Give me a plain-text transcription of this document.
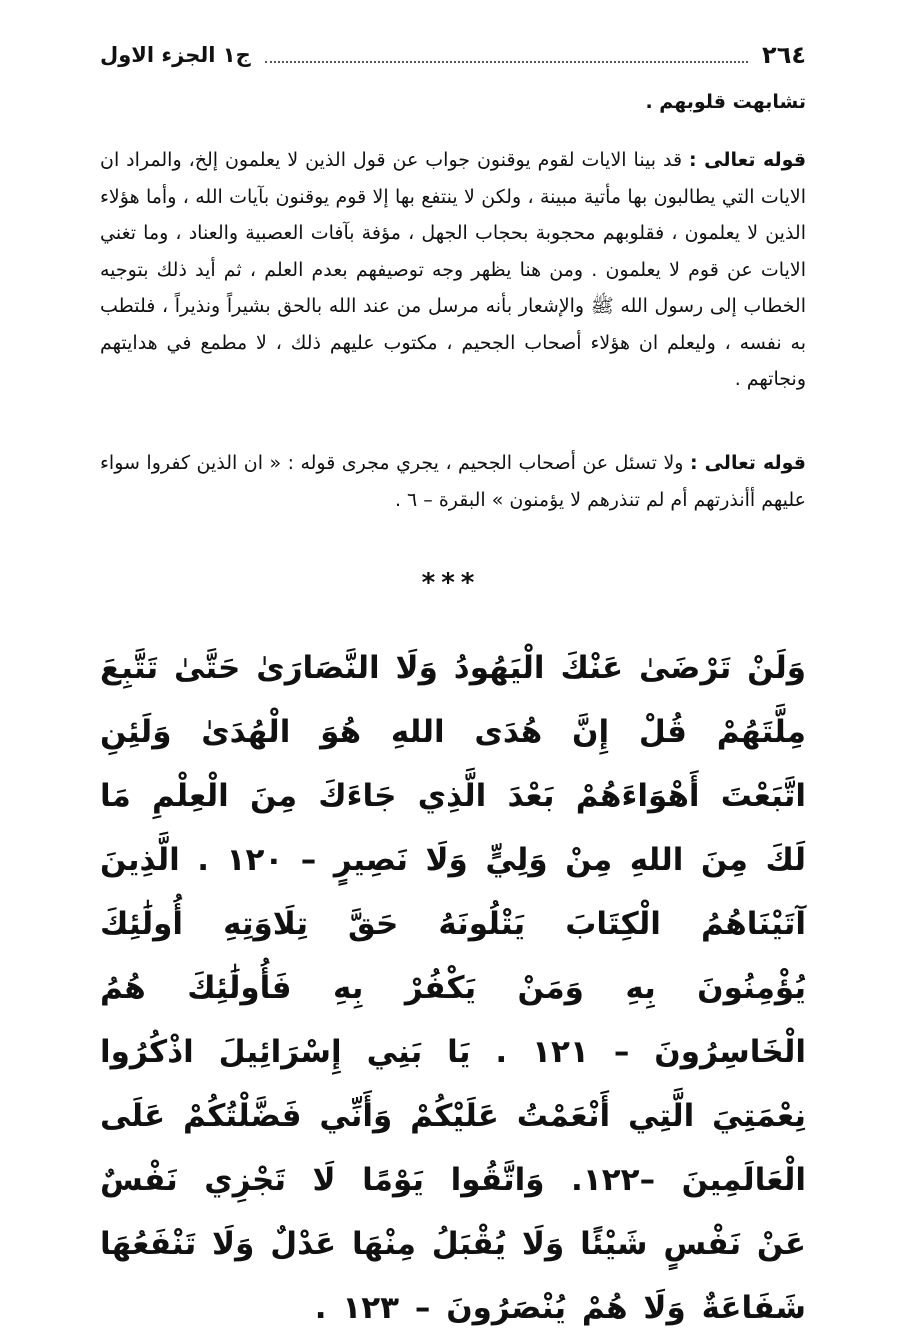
٢٦٤
ج١ الجزء الاول
تشابهت قلوبهم .
قوله تعالى : قد بينا الايات لقوم يوقنون جواب عن قول الذين لا يعلمون إلخ، والمراد ان الايات التي يطالبون بها مأتية مبينة ، ولكن لا ينتفع بها إلا قوم يوقنون بآيات الله ، وأما هؤلاء الذين لا يعلمون ، فقلوبهم محجوبة بحجاب الجهل ، مؤفة بآفات العصبية والعناد ، وما تغني الايات عن قوم لا يعلمون . ومن هنا يظهر وجه توصيفهم بعدم العلم ، ثم أيد ذلك بتوجيه الخطاب إلى رسول الله ﷺ والإشعار بأنه مرسل من عند الله بالحق بشيراً ونذيراً ، فلتطب به نفسه ، وليعلم ان هؤلاء أصحاب الجحيم ، مكتوب عليهم ذلك ، لا مطمع في هدايتهم ونجاتهم .
قوله تعالى : ولا تسئل عن أصحاب الجحيم ، يجري مجرى قوله : « ان الذين كفروا سواء عليهم أأنذرتهم أم لم تنذرهم لا يؤمنون » البقرة – ٦ .
***
وَلَنْ تَرْضَىٰ عَنْكَ الْيَهُودُ وَلَا النَّصَارَىٰ حَتَّىٰ تَتَّبِعَ مِلَّتَهُمْ قُلْ إِنَّ هُدَى اللهِ هُوَ الْهُدَىٰ وَلَئِنِ اتَّبَعْتَ أَهْوَاءَهُمْ بَعْدَ الَّذِي جَاءَكَ مِنَ الْعِلْمِ مَا لَكَ مِنَ اللهِ مِنْ وَلِيٍّ وَلَا نَصِيرٍ – ١٢٠ . الَّذِينَ آتَيْنَاهُمُ الْكِتَابَ يَتْلُونَهُ حَقَّ تِلَاوَتِهِ أُولَٰئِكَ يُؤْمِنُونَ بِهِ وَمَنْ يَكْفُرْ بِهِ فَأُولَٰئِكَ هُمُ الْخَاسِرُونَ – ١٢١ . يَا بَنِي إِسْرَائِيلَ اذْكُرُوا نِعْمَتِيَ الَّتِي أَنْعَمْتُ عَلَيْكُمْ وَأَنِّي فَضَّلْتُكُمْ عَلَى الْعَالَمِينَ –١٢٢. وَاتَّقُوا يَوْمًا لَا تَجْزِي نَفْسٌ عَنْ نَفْسٍ شَيْئًا وَلَا يُقْبَلُ مِنْهَا عَدْلٌ وَلَا تَنْفَعُهَا شَفَاعَةٌ وَلَا هُمْ يُنْصَرُونَ – ١٢٣ .
